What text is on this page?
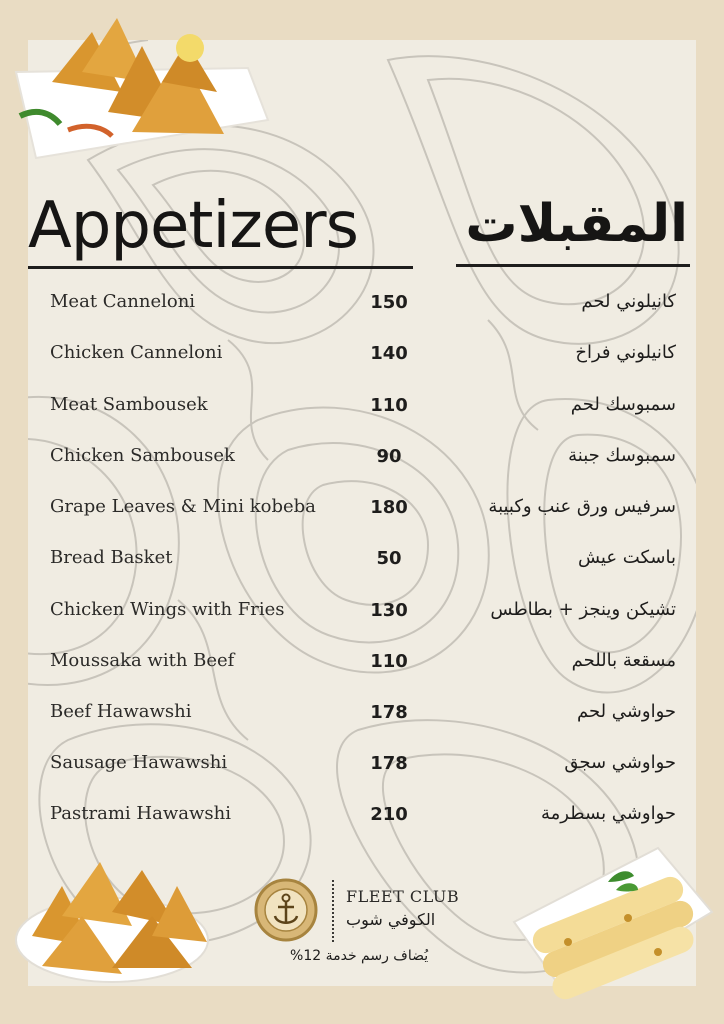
Appetizers	المقبلات
Meat Canneloni	150	كانيلوني لحم
Chicken Canneloni	140	كانيلوني فراخ
Meat Sambousek	110	سمبوسك لحم
Chicken Sambousek	90	سمبوسك جبنة
Grape Leaves & Mini kobeba	180	سرفيس ورق عنب وكبيبة
Bread Basket	50	باسكت عيش
Chicken Wings with Fries	130	تشيكن وينجز + بطاطس
Moussaka with Beef	110	مسقعة باللحم
Beef Hawawshi	178	حواوشي لحم
Sausage Hawawshi	178	حواوشي سجق
Pastrami Hawawshi	210	حواوشي بسطرمة
FLEET CLUB
الكوفي شوب
يُضاف رسم خدمة 12%
